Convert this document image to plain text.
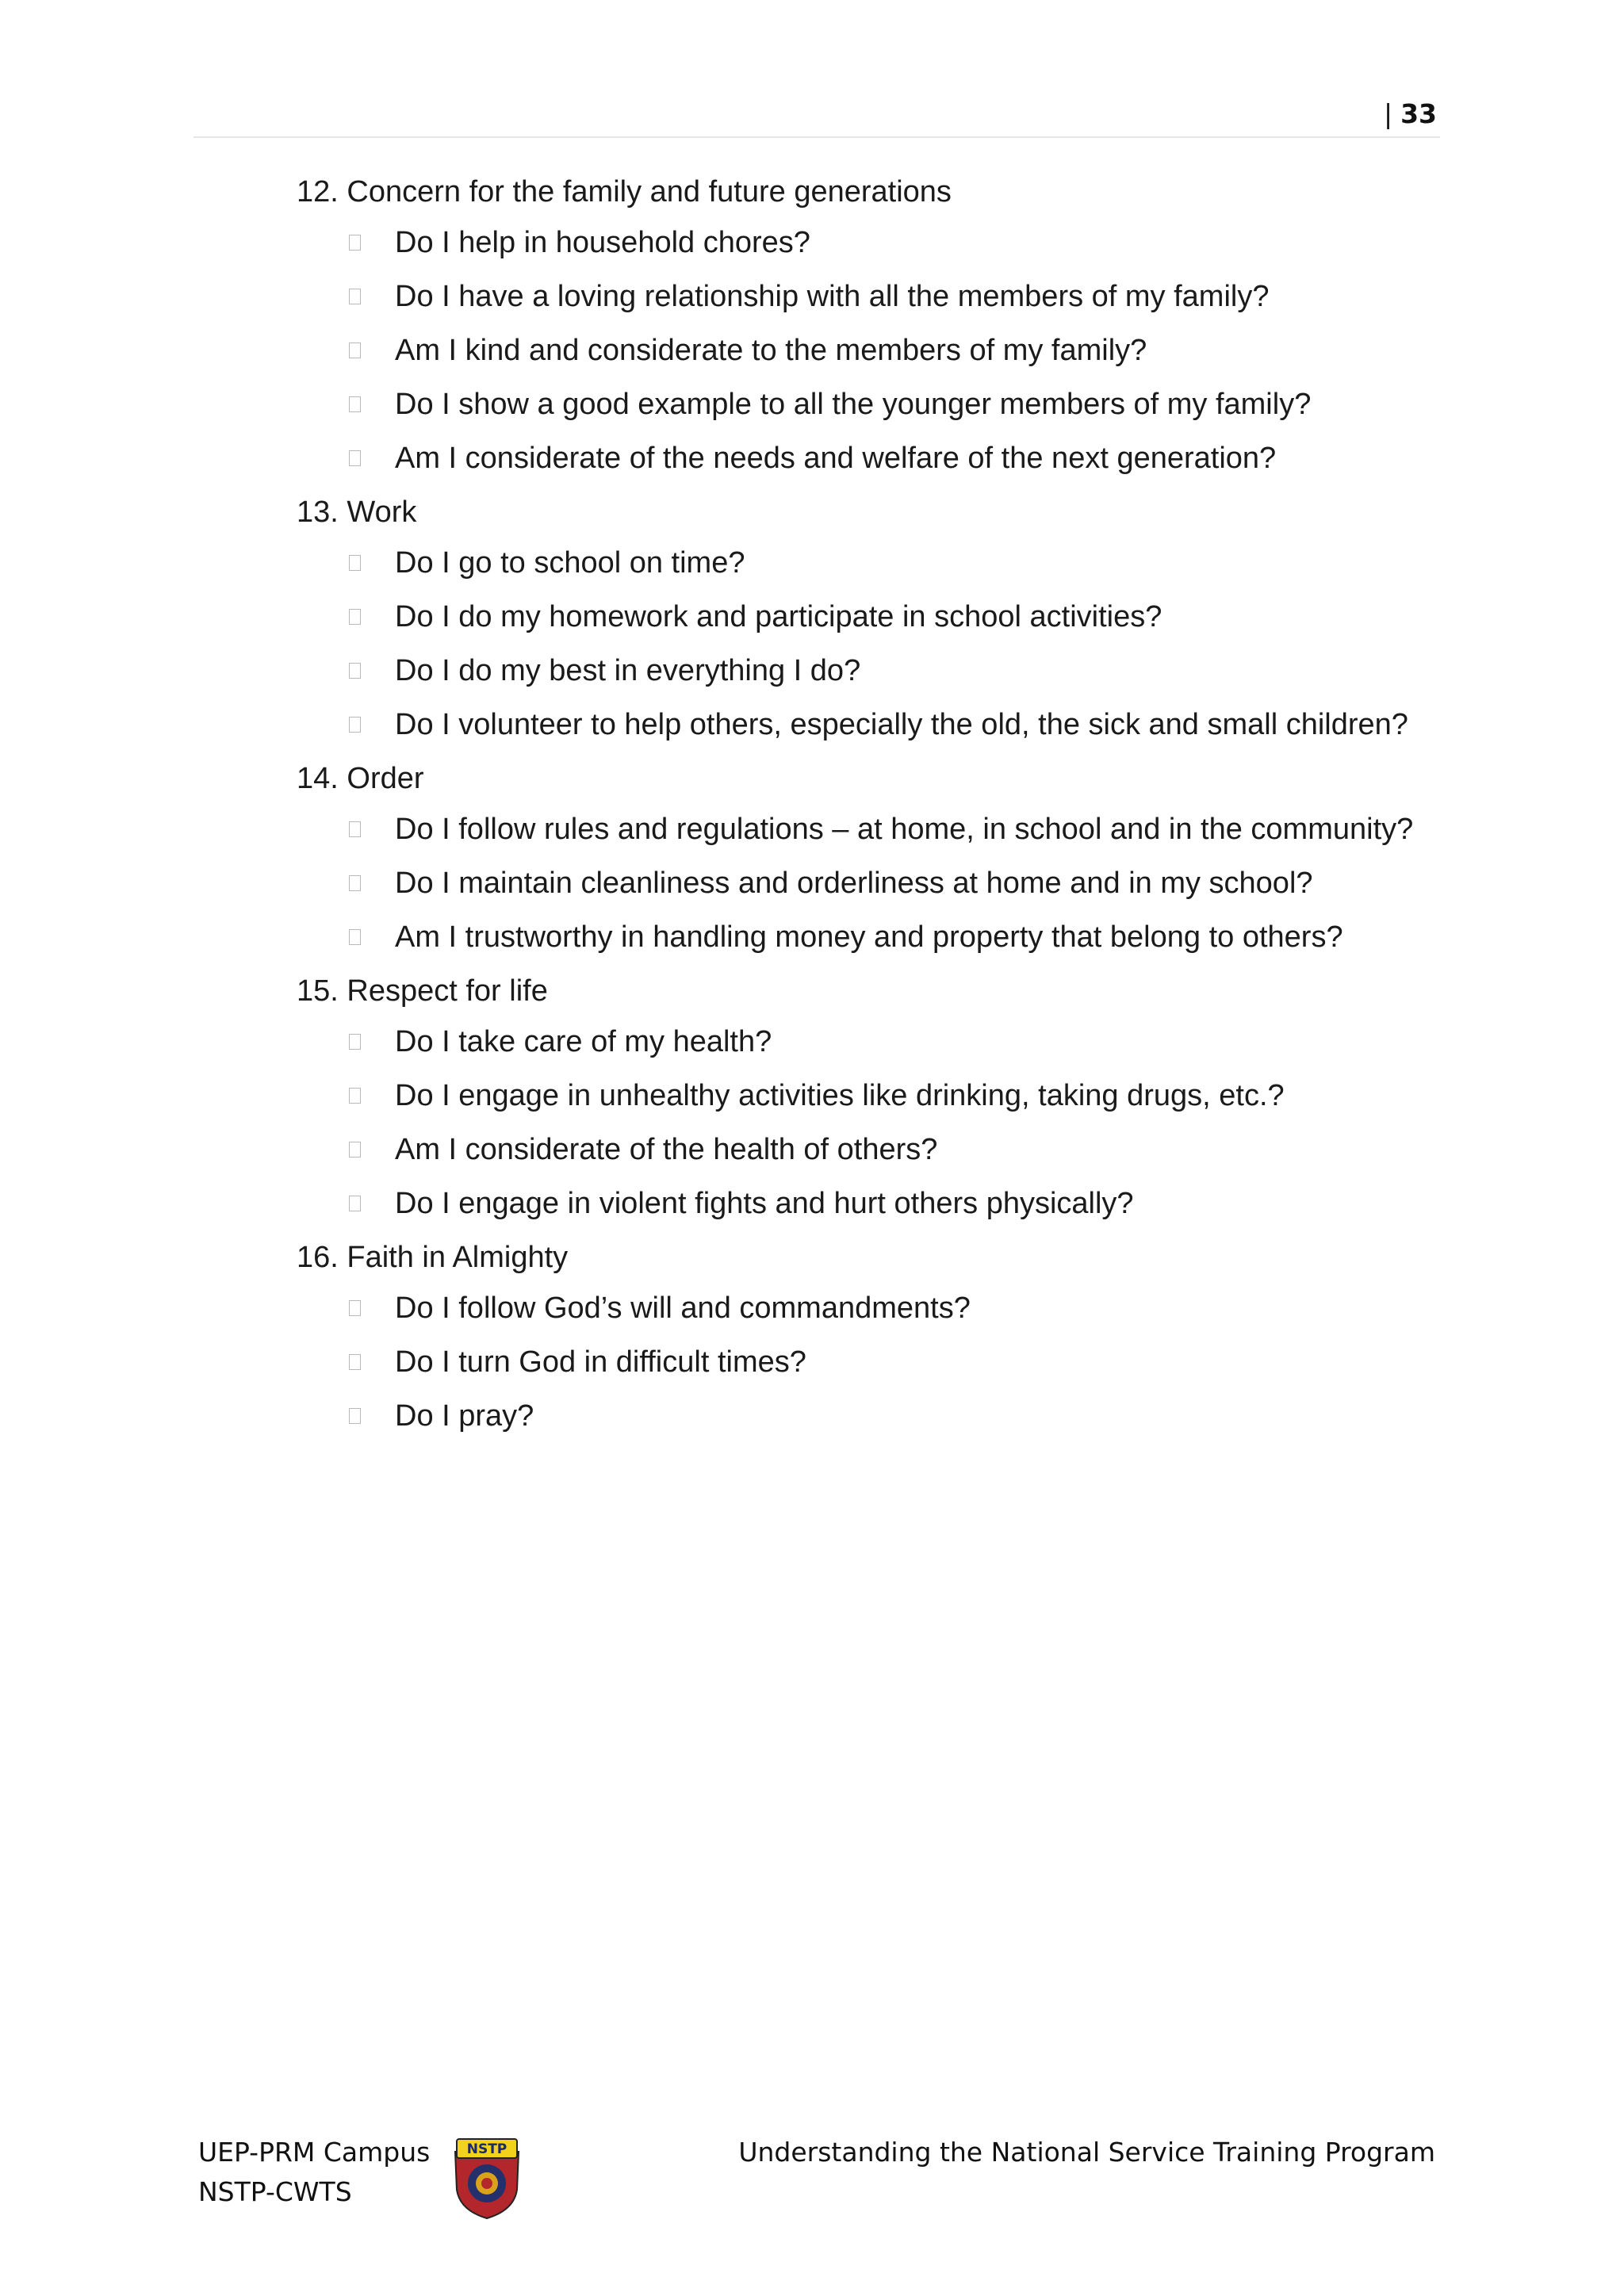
| 33
12. Concern for the family and future generations
Do I help in household chores?
Do I have a loving relationship with all the members of my family?
Am I kind and considerate to the members of my family?
Do I show a good example to all the younger members of my family?
Am I considerate of the needs and welfare of the next generation?
13. Work
Do I go to school on time?
Do I do my homework and participate in school activities?
Do I do my best in everything I do?
Do I volunteer to help others, especially the old, the sick and small children?
14. Order
Do I follow rules and regulations – at home, in school and in the community?
Do I maintain cleanliness and orderliness at home and in my school?
Am I trustworthy in handling money and property that belong to others?
15. Respect for life
Do I take care of my health?
Do I engage in unhealthy activities like drinking, taking drugs, etc.?
Am I considerate of the health of others?
Do I engage in violent fights and hurt others physically?
16. Faith in Almighty
Do I follow God’s will and commandments?
Do I turn God in difficult times?
Do I pray?
UEP-PRM Campus
NSTP-CWTS
NSTP	Understanding the National Service Training Program
